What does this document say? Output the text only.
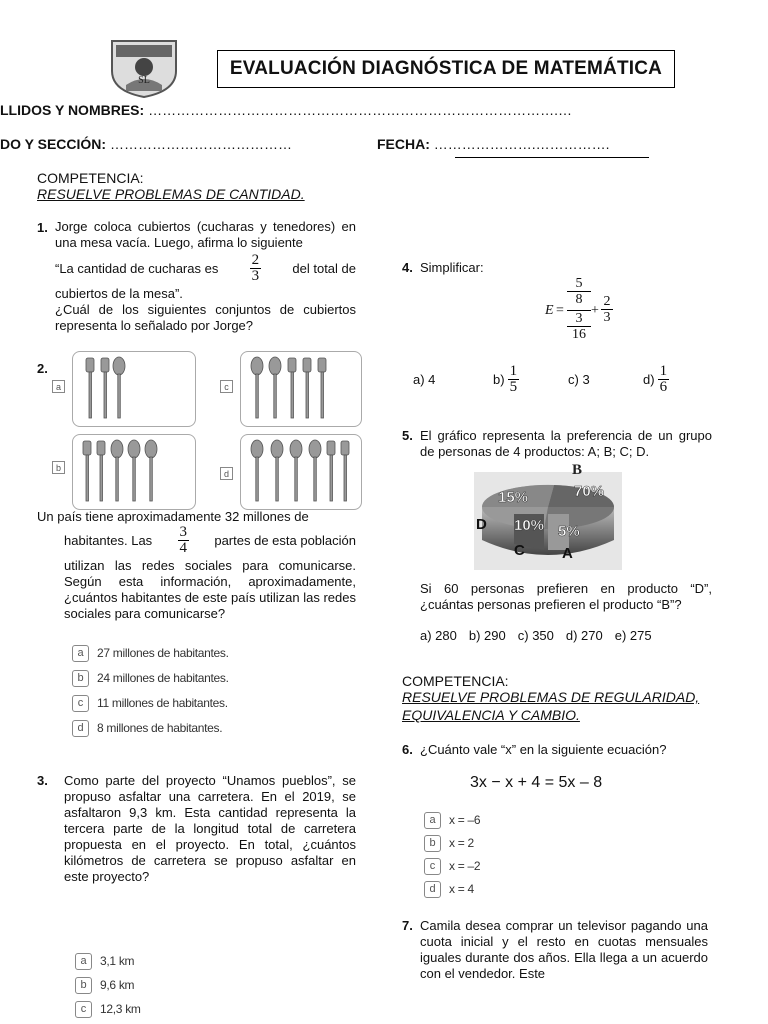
SL
EVALUACIÓN DIAGNÓSTICA DE MATEMÁTICA
LLIDOS Y NOMBRES: …………………………………………………………………………….…
DO Y SECCIÓN: …………………………………	FECHA: ………………….…………….
COMPETENCIA:
RESUELVE PROBLEMAS DE CANTIDAD.
1. Jorge coloca cubiertos (cucharas y tenedores) en una mesa vacía. Luego, afirma lo siguiente
“La cantidad de cucharas es $\frac{2}{3}$ del total de
cubiertos de la mesa”.
¿Cuál de los siguientes conjuntos de cubiertos representa lo señalado por Jorge?
2.
a	c
b
d
Un país tiene aproximadamente 32 millones de
habitantes. Las $\frac{3}{4}$ partes de esta población
utilizan las redes sociales para comunicarse. Según esta información, aproximadamente, ¿cuántos habitantes de este país utilizan las redes sociales para comunicarse?
a	27 millones de habitantes.
b	24 millones de habitantes.
c	11 millones de habitantes.
d	8 millones de habitantes.
3. Como parte del proyecto “Unamos pueblos”, se propuso asfaltar una carretera. En el 2019, se asfaltaron 9,3 km. Esta cantidad representa la tercera parte de la longitud total de carretera propuesta en el proyecto. En total, ¿cuántos kilómetros de carretera se propuso asfaltar en este proyecto?
a	3,1 km
b	9,6 km
c	12,3 km
4. Simplificar:
E =
5
8
3
16
+
2
3
a) 4	$b) \frac{1}{5}$	c) 3	$d) \frac{1}{6}$
5. El gráfico representa la preferencia de un grupo de personas de 4 productos: A; B; C; D.
B
D
C A
15%	70%
10% 5%
Si 60 personas prefieren en producto “D”, ¿cuántas personas prefieren el producto “B”?
a) 280 b) 290 c) 350 d) 270 e) 275
COMPETENCIA:
RESUELVE PROBLEMAS DE REGULARIDAD,
EQUIVALENCIA Y CAMBIO.
6. ¿Cuánto vale “x” en la siguiente ecuación?
3x − x + 4 = 5x – 8
a	x = –6
b	x = 2
c	x = –2
d	x = 4
7. Camila desea comprar un televisor pagando una cuota inicial y el resto en cuotas mensuales iguales durante dos años. Ella llega a un acuerdo con el vendedor. Este
